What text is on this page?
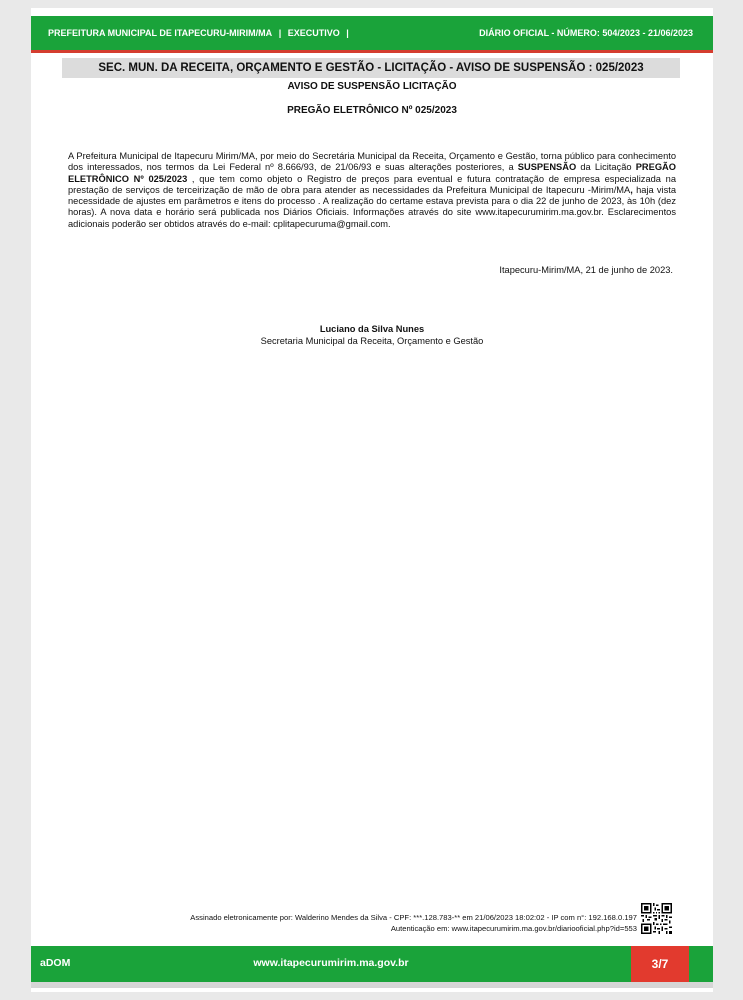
PREFEITURA MUNICIPAL DE ITAPECURU-MIRIM/MA | EXECUTIVO |	DIÁRIO OFICIAL - NÚMERO: 504/2023 - 21/06/2023
SEC. MUN. DA RECEITA, ORÇAMENTO E GESTÃO - LICITAÇÃO - AVISO DE SUSPENSÃO : 025/2023
AVISO DE SUSPENSÃO LICITAÇÃO
PREGÃO ELETRÔNICO Nº 025/2023
A Prefeitura Municipal de Itapecuru Mirim/MA, por meio do Secretária Municipal da Receita, Orçamento e Gestão, torna público para conhecimento dos interessados, nos termos da Lei Federal nº 8.666/93, de 21/06/93 e suas alterações posteriores, a SUSPENSÃO da Licitação PREGÃO ELETRÔNICO Nº 025/2023 , que tem como objeto o Registro de preços para eventual e futura contratação de empresa especializada na prestação de serviços de terceirização de mão de obra para atender as necessidades da Prefeitura Municipal de Itapecuru -Mirim/MA, haja vista necessidade de ajustes em parâmetros e itens do processo . A realização do certame estava prevista para o dia 22 de junho de 2023, às 10h (dez horas). A nova data e horário será publicada nos Diários Oficiais. Informações através do site www.itapecurumirim.ma.gov.br. Esclarecimentos adicionais poderão ser obtidos através do e-mail: cplitapecuruma@gmail.com.
Itapecuru-Mirim/MA, 21 de junho de 2023.
Luciano da Silva Nunes
Secretaria Municipal da Receita, Orçamento e Gestão
Assinado eletronicamente por: Walderino Mendes da Silva - CPF: ***.128.783-** em 21/06/2023 18:02:02 - IP com n°: 192.168.0.197
Autenticação em: www.itapecurumirim.ma.gov.br/diariooficial.php?id=553
aDOM	www.itapecurumirim.ma.gov.br	3/7
